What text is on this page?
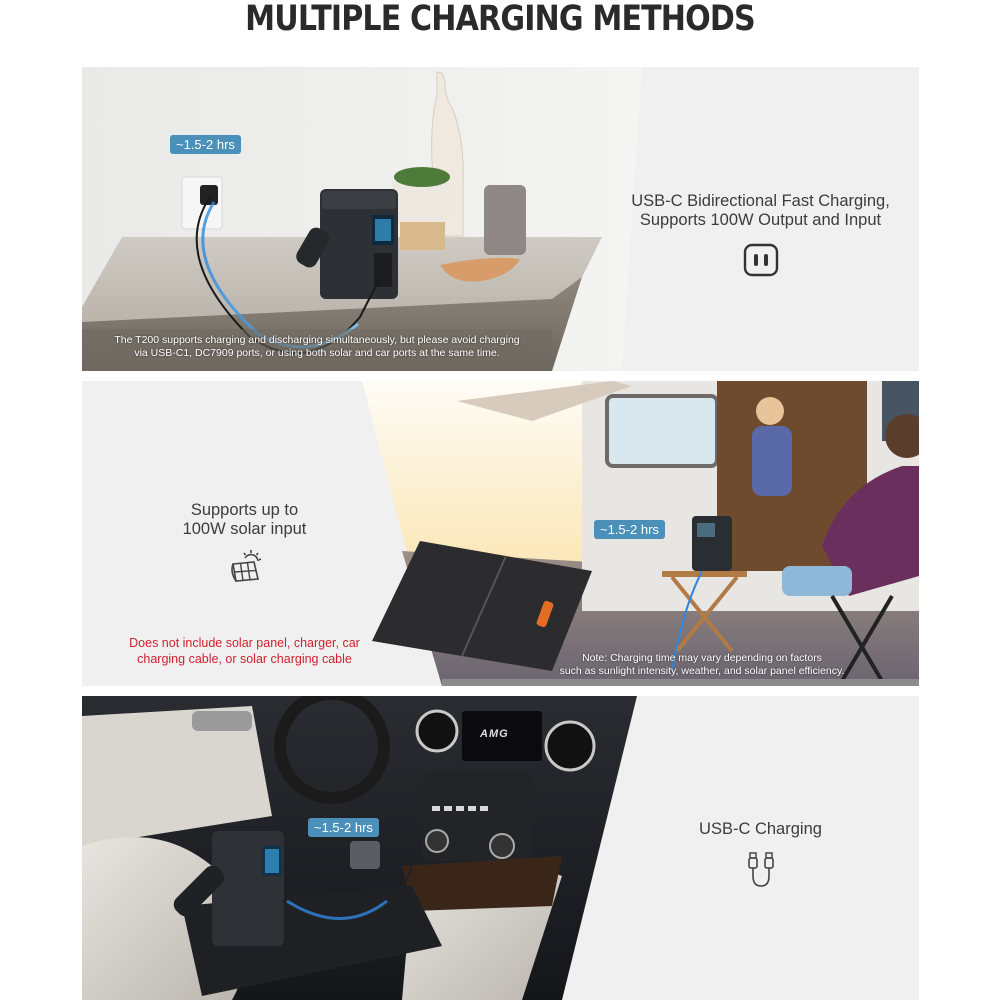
MULTIPLE CHARGING METHODS
~1.5-2 hrs
The T200 supports charging and discharging simultaneously, but please avoid charging
via USB-C1, DC7909 ports, or using both solar and car ports at the same time.
USB-C Bidirectional Fast Charging,
Supports 100W Output and Input
~1.5-2 hrs
Note: Charging time may vary depending on factors
such as sunlight intensity, weather, and solar panel efficiency.
Supports up to
100W solar input
Does not include solar panel, charger, car
charging cable, or solar charging cable
~1.5-2 hrs
AMG
USB-C Charging
